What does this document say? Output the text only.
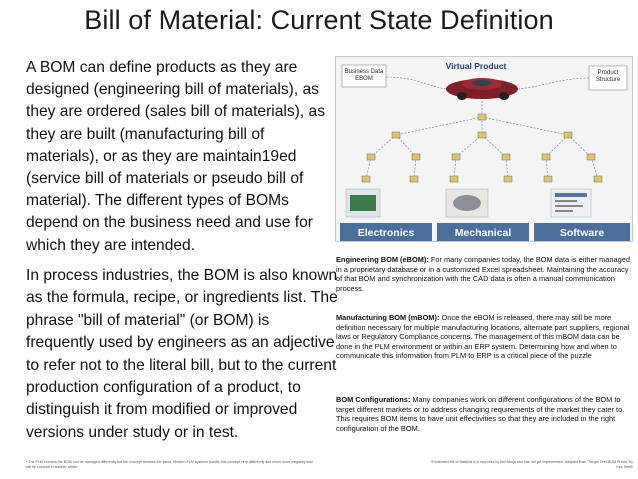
Bill of Material: Current State Definition
A BOM can define products as they are designed (engineering bill of materials), as they are ordered (sales bill of materials), as they are built (manufacturing bill of materials), or as they are maintain19ed (service bill of materials or pseudo bill of material). The different types of BOMs depend on the business need and use for which they are intended.
In process industries, the BOM is also known as the formula, recipe, or ingredients list. The phrase "bill of material" (or BOM) is frequently used by engineers as an adjective to refer not to the literal bill, but to the current production configuration of a product, to distinguish it from modified or improved versions under study or in test.
Virtual Product
Business Data EBOM
Product Structure
Electronics	Mechanical	Software
Engineering BOM (eBOM): For many companies today, the BOM data is either managed in a proprietary database or in a customized Excel spreadsheet. Maintaining the accuracy of that BOM and synchronization with the CAD data is often a manual communication process.
Manufacturing BOM (mBOM): Once the eBOM is released, there may still be more definition necessary for multiple manufacturing locations, alternate part suppliers, regional laws or Regulatory Compliance concerns. The management of this mBOM data can be done in the PLM environment or within an ERP system. Determining how and when to communicate this information from PLM to ERP is a critical piece of the puzzle
BOM Configurations: Many companies work on different configurations of the BOM to target different markets or to address changing requirements of the market they cater to. This requires BOM items to have unit effectivities so that they are included in the right configuration of the BOM.
* The PLM vendors the BOM can be managed differently but the concept remains the same. Modern PLM systems handle this concept very differently and much more elegantly and will be covered in another article.
*Federated Bill of Material is a new idea by Anil Ahuja and has not yet implemented. Adapted from "Target Zero BOM Errors" by Ken Smith
